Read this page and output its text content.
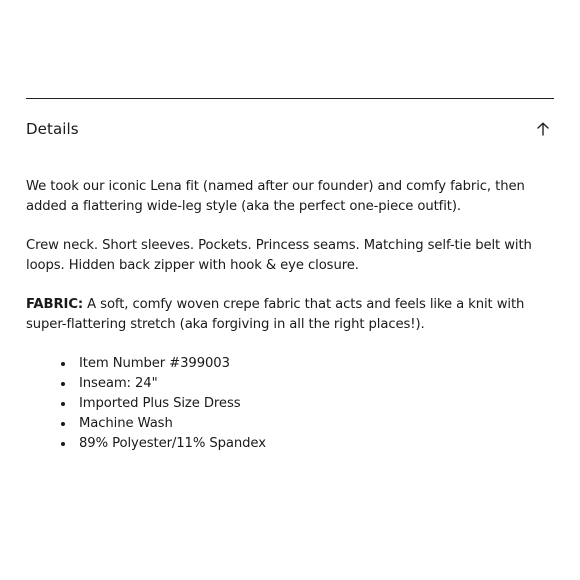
Details

We took our iconic Lena fit (named after our founder) and comfy fabric, then added a flattering wide-leg style (aka the perfect one-piece outfit).

Crew neck. Short sleeves. Pockets. Princess seams. Matching self-tie belt with loops. Hidden back zipper with hook & eye closure.

FABRIC: A soft, comfy woven crepe fabric that acts and feels like a knit with super-flattering stretch (aka forgiving in all the right places!).

Item Number #399003
Inseam: 24"
Imported Plus Size Dress
Machine Wash
89% Polyester/11% Spandex
